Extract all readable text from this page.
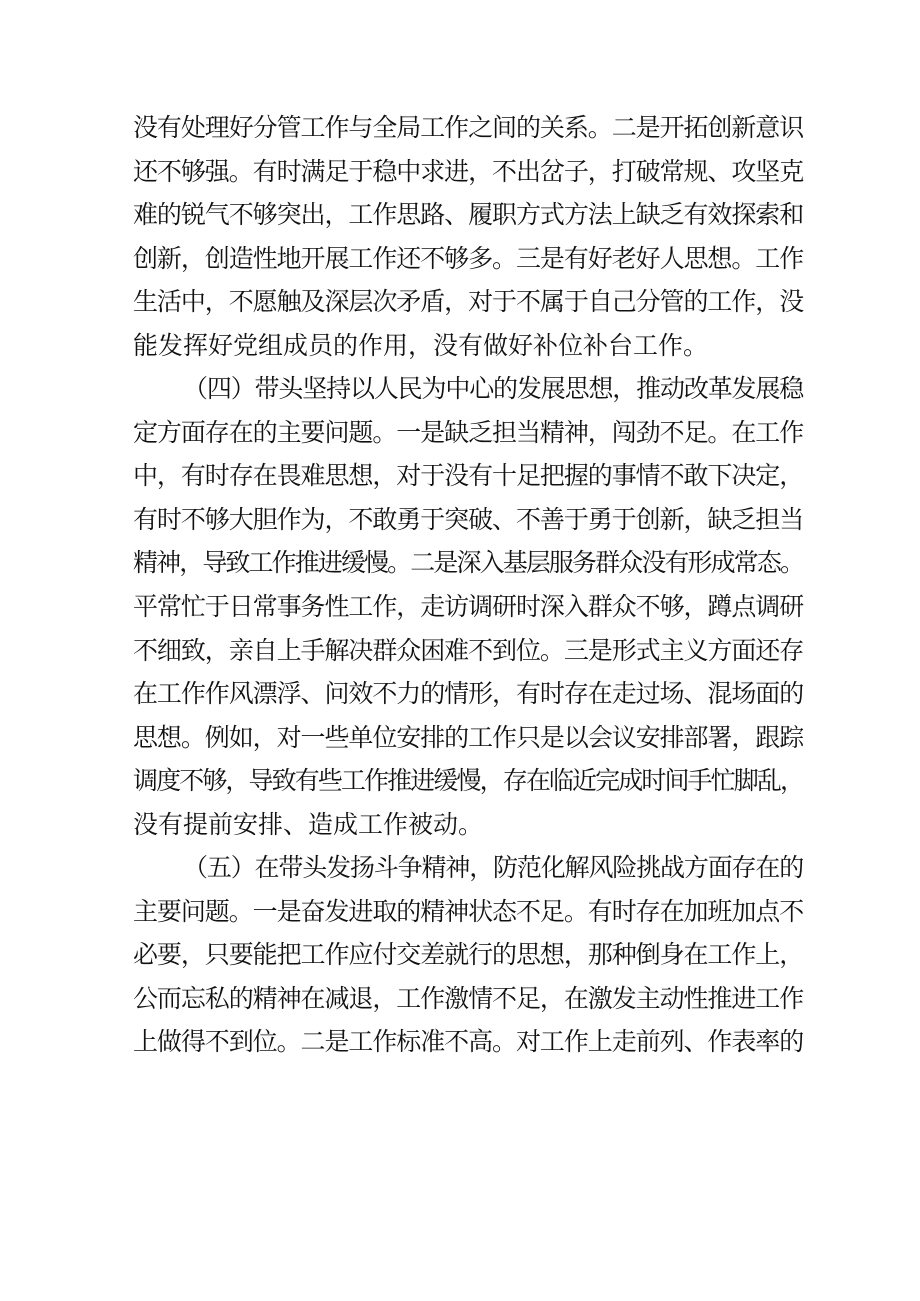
没有处理好分管工作与全局工作之间的关系。二是开拓创新意识
还不够强。有时满足于稳中求进，不出岔子，打破常规、攻坚克
难的锐气不够突出，工作思路、履职方式方法上缺乏有效探索和
创新，创造性地开展工作还不够多。三是有好老好人思想。工作
生活中，不愿触及深层次矛盾，对于不属于自己分管的工作，没
能发挥好党组成员的作用，没有做好补位补台工作。
（四）带头坚持以人民为中心的发展思想，推动改革发展稳
定方面存在的主要问题。一是缺乏担当精神，闯劲不足。在工作
中，有时存在畏难思想，对于没有十足把握的事情不敢下决定，
有时不够大胆作为，不敢勇于突破、不善于勇于创新，缺乏担当
精神，导致工作推进缓慢。二是深入基层服务群众没有形成常态。
平常忙于日常事务性工作，走访调研时深入群众不够，蹲点调研
不细致，亲自上手解决群众困难不到位。三是形式主义方面还存
在工作作风漂浮、问效不力的情形，有时存在走过场、混场面的
思想。例如，对一些单位安排的工作只是以会议安排部署，跟踪
调度不够，导致有些工作推进缓慢，存在临近完成时间手忙脚乱，
没有提前安排、造成工作被动。
（五）在带头发扬斗争精神，防范化解风险挑战方面存在的
主要问题。一是奋发进取的精神状态不足。有时存在加班加点不
必要，只要能把工作应付交差就行的思想，那种倒身在工作上，
公而忘私的精神在减退，工作激情不足，在激发主动性推进工作
上做得不到位。二是工作标准不高。对工作上走前列、作表率的
